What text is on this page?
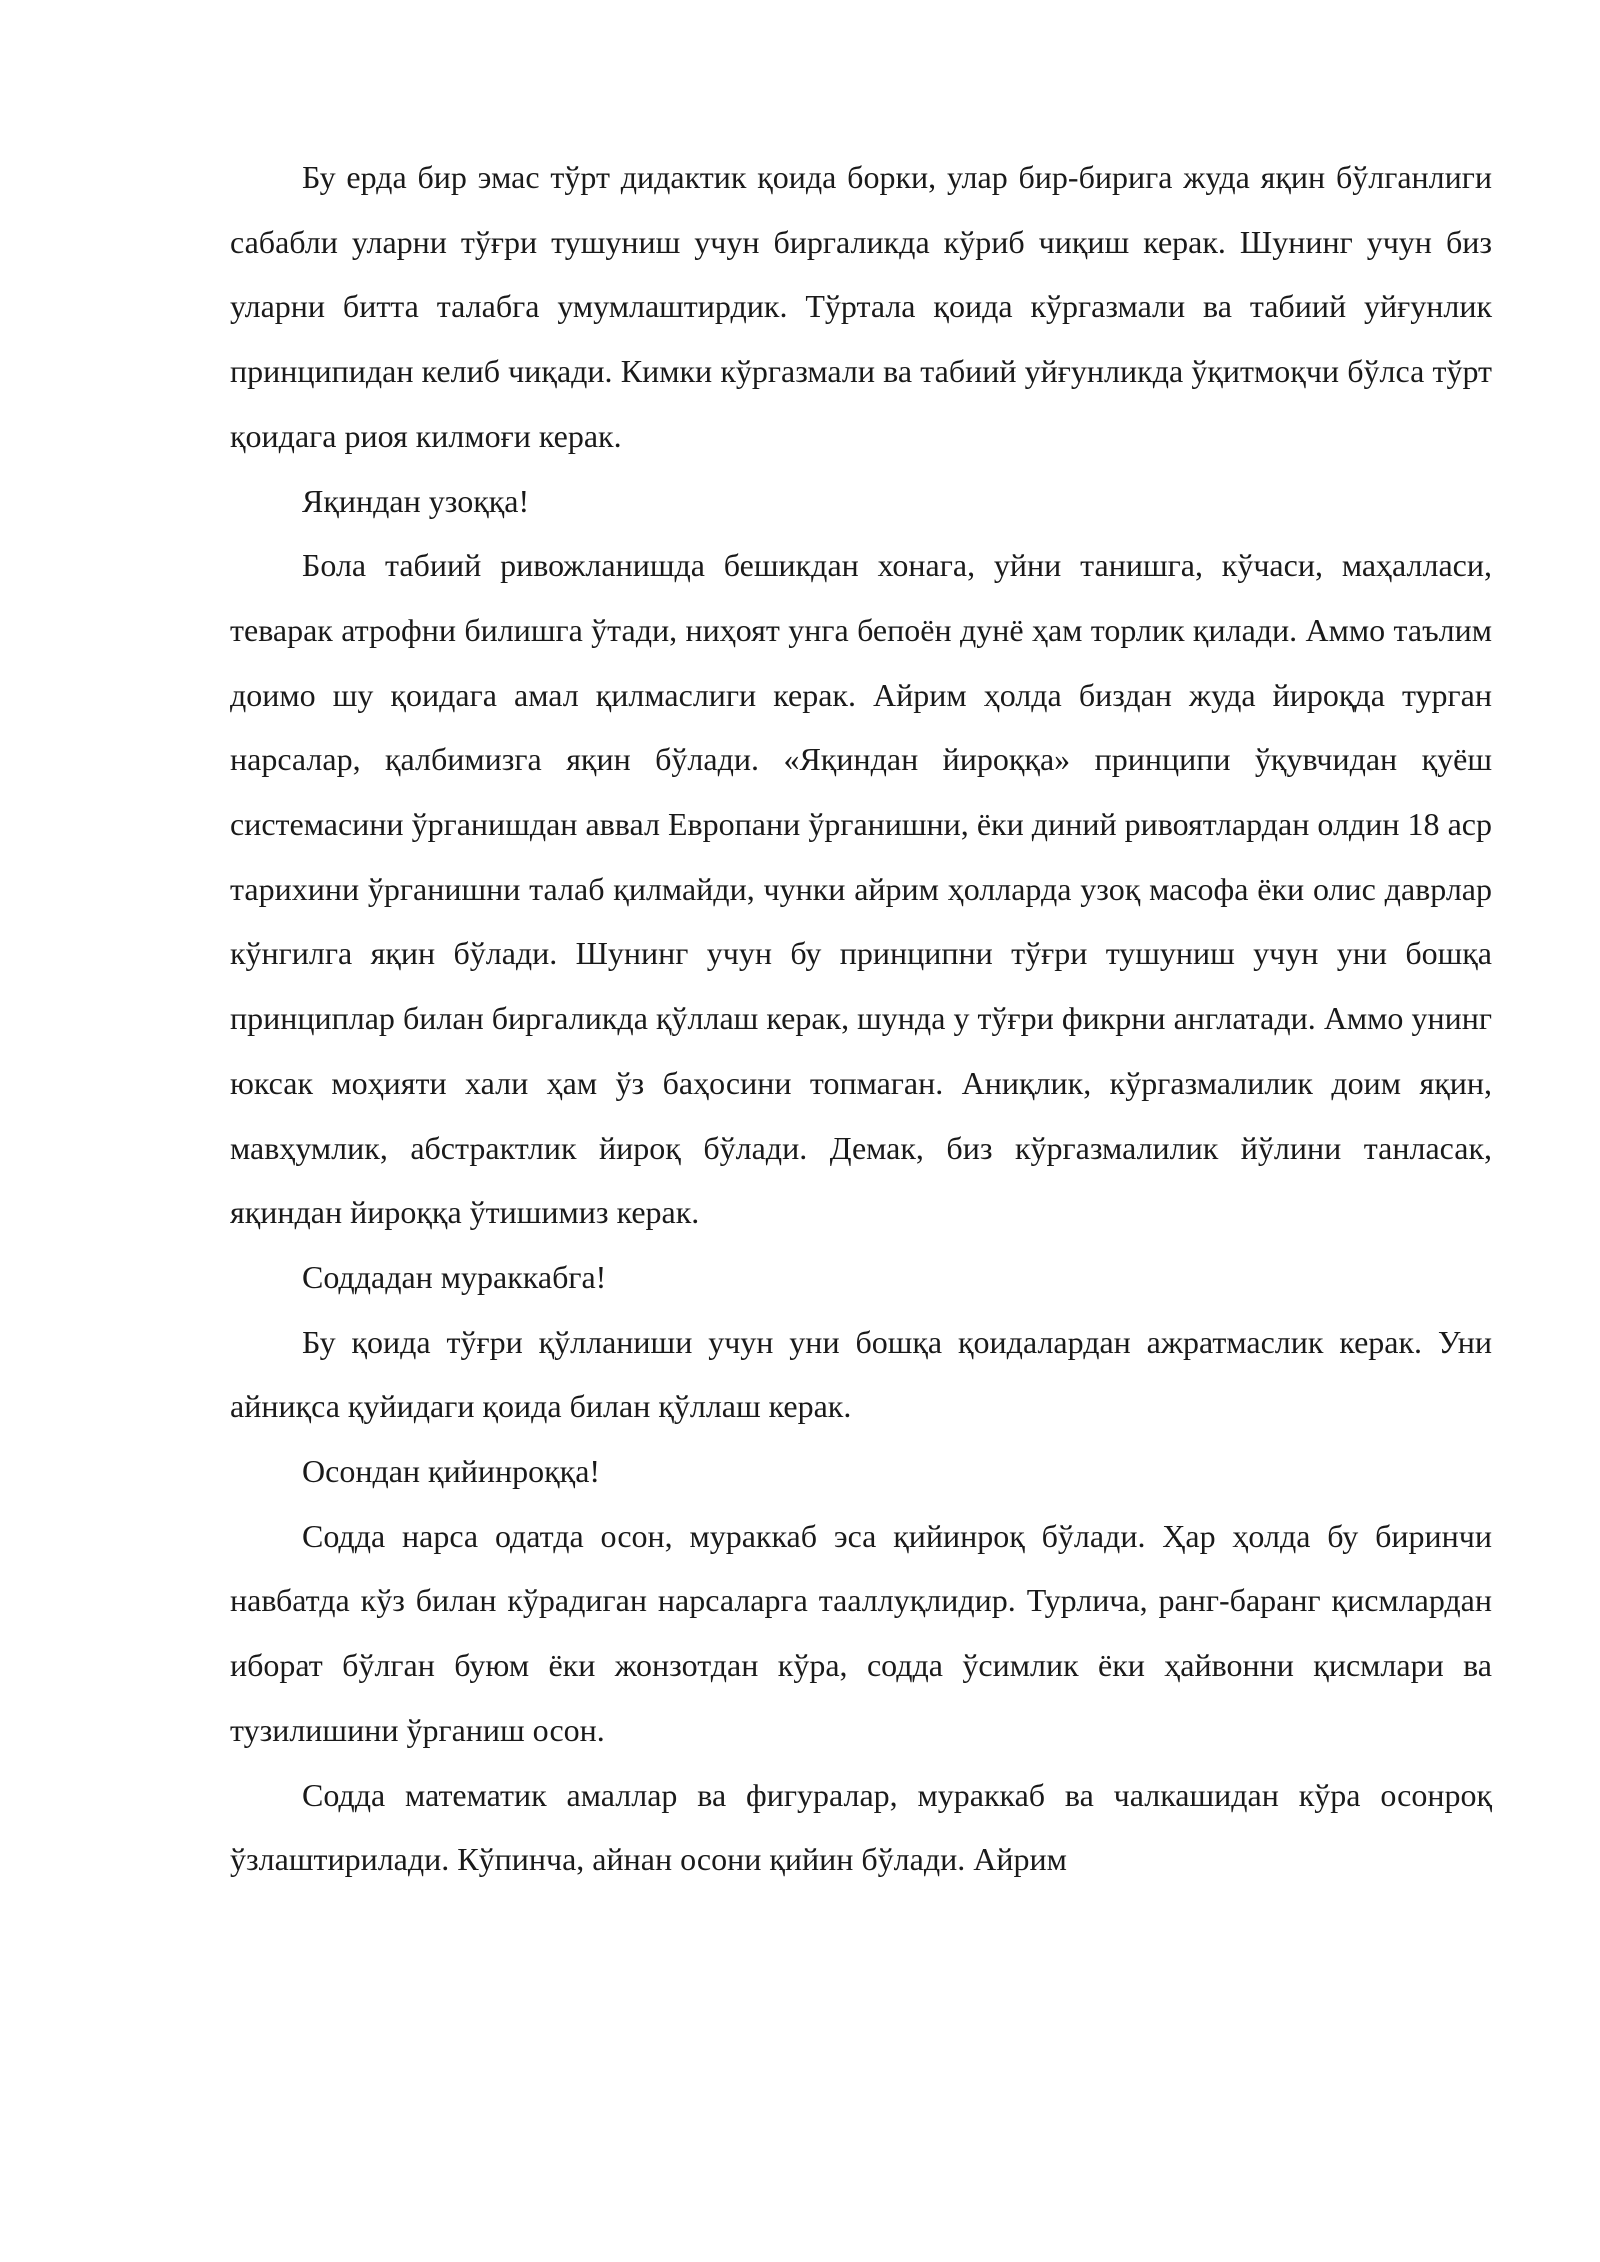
Бу ерда бир эмас тўрт дидактик қоида борки, улар бир-бирига жуда яқин бўлганлиги сабабли уларни тўғри тушуниш учун биргаликда кўриб чиқиш керак. Шунинг учун биз уларни битта талабга умумлаштирдик. Тўртала қоида кўргазмали ва табиий уйғунлик принципидан келиб чиқади. Кимки кўргазмали ва табиий уйғунликда ўқитмоқчи бўлса тўрт қоидага риоя килмоғи керак.

Яқиндан узоққа!

Бола табиий ривожланишда бешикдан хонага, уйни танишга, кўчаси, маҳалласи, теварак атрофни билишга ўтади, ниҳоят унга бепоён дунё ҳам торлик қилади. Аммо таълим доимо шу қоидага амал қилмаслиги керак. Айрим ҳолда биздан жуда йироқда турган нарсалар, қалбимизга яқин бўлади. «Яқиндан йироққа» принципи ўқувчидан қуёш системасини ўрганишдан аввал Европани ўрганишни, ёки диний ривоятлардан олдин 18 аср тарихини ўрганишни талаб қилмайди, чунки айрим ҳолларда узоқ масофа ёки олис даврлар кўнгилга яқин бўлади. Шунинг учун бу принципни тўғри тушуниш учун уни бошқа принциплар билан биргаликда қўллаш керак, шунда у тўғри фикрни англатади. Аммо унинг юксак моҳияти хали ҳам ўз баҳосини топмаган. Аниқлик, кўргазмалилик доим яқин, мавҳумлик, абстрактлик йироқ бўлади. Демак, биз кўргазмалилик йўлини танласак, яқиндан йироққа ўтишимиз керак.

Соддадан мураккабга!

Бу қоида тўғри қўлланиши учун уни бошқа қоидалардан ажратмаслик керак. Уни айниқса қуйидаги қоида билан қўллаш керак.

Осондан қийинроққа!

Содда нарса одатда осон, мураккаб эса қийинроқ бўлади. Ҳар ҳолда бу биринчи навбатда кўз билан кўрадиган нарсаларга тааллуқлидир. Турлича, ранг-баранг қисмлардан иборат бўлган буюм ёки жонзотдан кўра, содда ўсимлик ёки ҳайвонни қисмлари ва тузилишини ўрганиш осон.

Содда математик амаллар ва фигуралар, мураккаб ва чалкашидан кўра осонроқ ўзлаштирилади. Кўпинча, айнан осони қийин бўлади. Айрим
